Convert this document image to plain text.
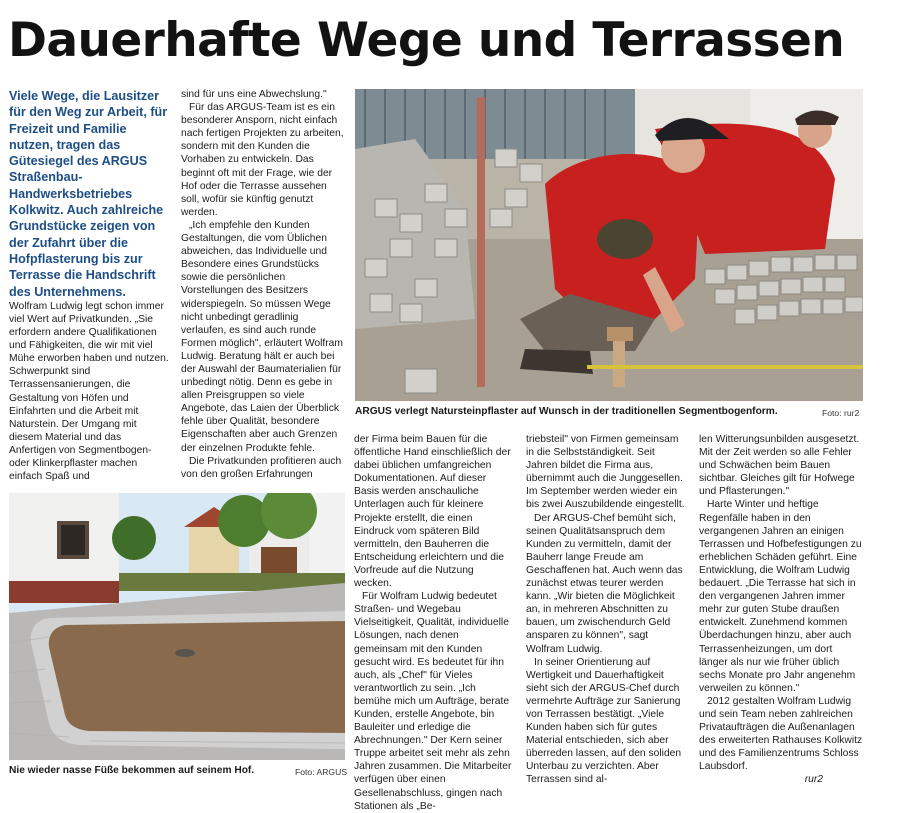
Dauerhafte Wege und Terrassen

Viele Wege, die Lausitzer für den Weg zur Arbeit, für Freizeit und Familie nutzen, tragen das Gütesiegel des ARGUS Straßenbau-Handwerksbetriebes Kolkwitz. Auch zahlreiche Grundstücke zeigen von der Zufahrt über die Hofpflasterung bis zur Terrasse die Handschrift des Unternehmens.

Wolfram Ludwig legt schon immer viel Wert auf Privatkunden. „Sie erfordern andere Qualifikationen und Fähigkeiten, die wir mit viel Mühe erworben haben und nutzen. Schwerpunkt sind Terrassensanierungen, die Gestaltung von Höfen und Einfahrten und die Arbeit mit Naturstein. Der Umgang mit diesem Material und das Anfertigen von Segmentbogen- oder Klinkerpflaster machen einfach Spaß und

sind für uns eine Abwechslung."

Für das ARGUS-Team ist es ein besonderer Ansporn, nicht einfach nach fertigen Projekten zu arbeiten, sondern mit den Kunden die Vorhaben zu entwickeln. Das beginnt oft mit der Frage, wie der Hof oder die Terrasse aussehen soll, wofür sie künftig genutzt werden.

„Ich empfehle den Kunden Gestaltungen, die vom Üblichen abweichen, das Individuelle und Besondere eines Grundstücks sowie die persönlichen Vorstellungen des Besitzers widerspiegeln. So müssen Wege nicht unbedingt geradlinig verlaufen, es sind auch runde Formen möglich", erläutert Wolfram Ludwig. Beratung hält er auch bei der Auswahl der Baumaterialien für unbedingt nötig. Denn es gebe in allen Preisgruppen so viele Angebote, das Laien der Überblick fehle über Qualität, besondere Eigenschaften aber auch Grenzen der einzelnen Produkte fehle.

Die Privatkunden profitieren auch von den großen Erfahrungen

der Firma beim Bauen für die öffentliche Hand einschließlich der dabei üblichen umfangreichen Dokumentationen. Auf dieser Basis werden anschauliche Unterlagen auch für kleinere Projekte erstellt, die einen Eindruck vom späteren Bild vermitteln, den Bauherren die Entscheidung erleichtern und die Vorfreude auf die Nutzung wecken.

Für Wolfram Ludwig bedeutet Straßen- und Wegebau Vielseitigkeit, Qualität, individuelle Lösungen, nach denen gemeinsam mit den Kunden gesucht wird. Es bedeutet für ihn auch, als „Chef" für Vieles verantwortlich zu sein. „Ich bemühe mich um Aufträge, berate Kunden, erstelle Angebote, bin Bauleiter und erledige die Abrechnungen." Der Kern seiner Truppe arbeitet seit mehr als zehn Jahren zusammen. Die Mitarbeiter verfügen über einen Gesellenabschluss, gingen nach Stationen als „Be-

triebsteil" von Firmen gemeinsam in die Selbstständigkeit. Seit Jahren bildet die Firma aus, übernimmt auch die Junggesellen. Im September werden wieder ein bis zwei Auszubildende eingestellt.

Der ARGUS-Chef bemüht sich, seinen Qualitätsanspruch dem Kunden zu vermitteln, damit der Bauherr lange Freude am Geschaffenen hat. Auch wenn das zunächst etwas teurer werden kann. „Wir bieten die Möglichkeit an, in mehreren Abschnitten zu bauen, um zwischendurch Geld ansparen zu können", sagt Wolfram Ludwig.

In seiner Orientierung auf Wertigkeit und Dauerhaftigkeit sieht sich der ARGUS-Chef durch vermehrte Aufträge zur Sanierung von Terrassen bestätigt. „Viele Kunden haben sich für gutes Material entschieden, sich aber überreden lassen, auf den soliden Unterbau zu verzichten. Aber Terrassen sind al-

len Witterungsunbilden ausgesetzt. Mit der Zeit werden so alle Fehler und Schwächen beim Bauen sichtbar. Gleiches gilt für Hofwege und Pflasterungen."

Harte Winter und heftige Regenfälle haben in den vergangenen Jahren an einigen Terrassen und Hofbefestigungen zu erheblichen Schäden geführt. Eine Entwicklung, die Wolfram Ludwig bedauert. „Die Terrasse hat sich in den vergangenen Jahren immer mehr zur guten Stube draußen entwickelt. Zunehmend kommen Überdachungen hinzu, aber auch Terrassenheizungen, um dort länger als nur wie früher üblich sechs Monate pro Jahr angenehm verweilen zu können."

2012 gestalten Wolfram Ludwig und sein Team neben zahlreichen Privataufträgen die Außenanlagen des erweiterten Rathauses Kolkwitz und des Familienzentrums Schloss Laubsdorf.

rur2

ARGUS verlegt Natursteinpflaster auf Wunsch in der traditionellen Segmentbogenform.	Foto: rur2
Nie wieder nasse Füße bekommen auf seinem Hof.	Foto: ARGUS
